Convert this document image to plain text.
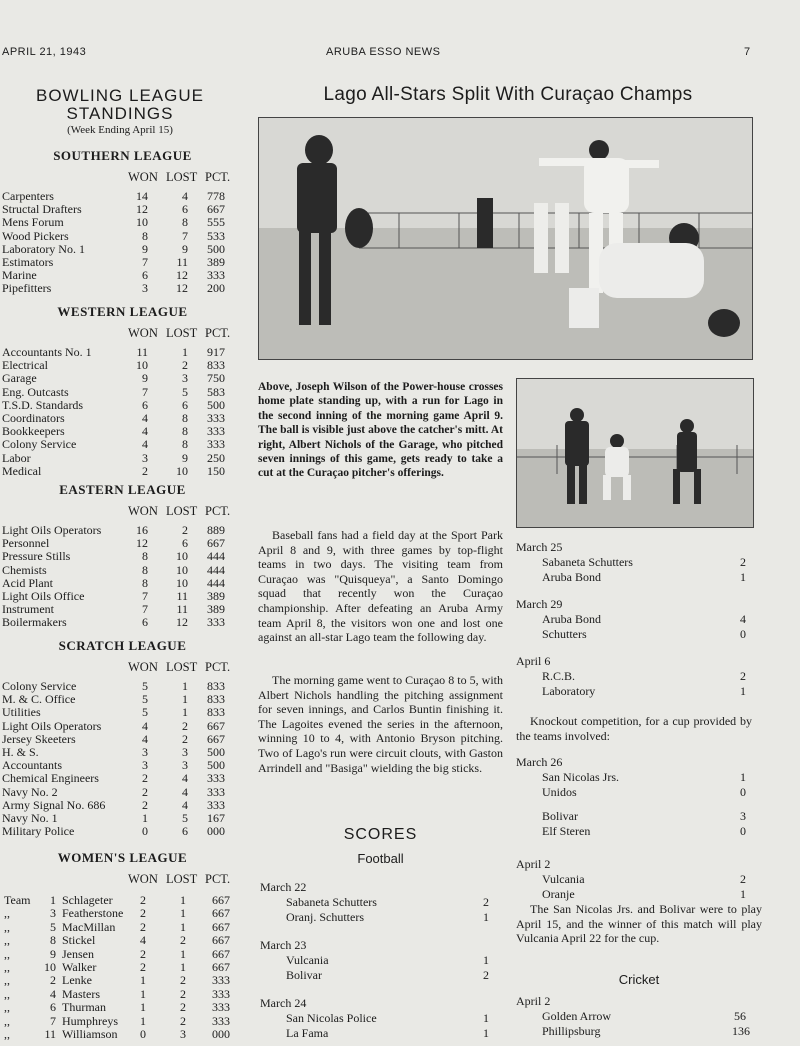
APRIL 21, 1943	ARUBA ESSO NEWS	7
BOWLING LEAGUE
STANDINGS
(Week Ending April 15)
SOUTHERN LEAGUE
WON LOST PCT.
Carpenters	14	4 778
Structal Drafters	12	6 667
Mens Forum	10	8 555
Wood Pickers	8	7 533
Laboratory No. 1	9	9 500
Estimators	7	11 389
Marine	6	12 333
Pipefitters	3	12 200
WESTERN LEAGUE
WON LOST PCT.
Accountants No. 1	11	1 917
Electrical	10	2 833
Garage	9	3 750
Eng. Outcasts	7	5 583
T.S.D. Standards	6	6 500
Coordinators	4	8 333
Bookkeepers	4	8 333
Colony Service	4	8 333
Labor	3	9 250
Medical	2	10 150
EASTERN LEAGUE
WON LOST PCT.
Light Oils Operators	16	2 889
Personnel	12	6 667
Pressure Stills	8	10 444
Chemists	8	10 444
Acid Plant	8	10 444
Light Oils Office	7	11 389
Instrument	7	11 389
Boilermakers	6	12 333
SCRATCH LEAGUE
WON LOST PCT.
Colony Service	5	1 833
M. & C. Office	5	1 833
Utilities	5	1 833
Light Oils Operators	4	2 667
Jersey Skeeters	4	2 667
H. & S.	3	3 500
Accountants	3	3 500
Chemical Engineers	2	4 333
Navy No. 2	2	4 333
Army Signal No. 686	2	4 333
Navy No. 1	1	5 167
Military Police	0	6 000
WOMEN'S LEAGUE
WON LOST PCT.
Team	1 Schlageter 2	1 667
,,	3 Featherstone 2	1 667
,,	5 MacMillan 2	1 667
,,	8 Stickel	4	2 667
,,	9 Jensen	2	1 667
,,	10 Walker	2	1 667
,,	2 Lenke	1	2 333
,,	4 Masters	1	2 333
,,	6 Thurman	1	2 333
,,	7 Humphreys 1	2 333
,,	11 Williamson 0	3 000
Lago All-Stars Split With Curaçao Champs
Above, Joseph Wilson of the Power-house crosses home plate standing up, with a run for Lago in the second inning of the morning game April 9. The ball is visible just above the catcher's mitt. At right, Albert Nichols of the Garage, who pitched seven innings of this game, gets ready to take a cut at the Curaçao pitcher's offerings.
Baseball fans had a field day at the Sport Park April 8 and 9, with three games by top-flight teams in two days. The visiting team from Curaçao was "Quisqueya", a Santo Domingo squad that recently won the Curaçao championship. After defeating an Aruba Army team April 8, the visitors won one and lost one against an all-star Lago team the following day.
The morning game went to Curaçao 8 to 5, with Albert Nichols handling the pitching assignment for seven innings, and Carlos Buntin finishing it. The Lagoites evened the series in the afternoon, winning 10 to 4, with Antonio Bryson pitching. Two of Lago's run were circuit clouts, with Gaston Arrindell and "Basiga" wielding the big sticks.
SCORES
Football
March 22
Sabaneta Schutters	2
Oranj. Schutters	1
March 23
Vulcania	1
Bolivar	2
March 24
San Nicolas Police	1
La Fama	1
March 25
Sabaneta Schutters	2
Aruba Bond	1
March 29
Aruba Bond	4
Schutters	0
April 6
R.C.B.	2
Laboratory	1
Knockout competition, for a cup provided by the teams involved:
March 26
San Nicolas Jrs.	1
Unidos	0
Bolivar	3
Elf Steren	0
April 2
Vulcania	2
Oranje	1
The San Nicolas Jrs. and Bolivar were to play April 15, and the winner of this match will play Vulcania April 22 for the cup.
Cricket
April 2
Golden Arrow	56
Phillipsburg	136
